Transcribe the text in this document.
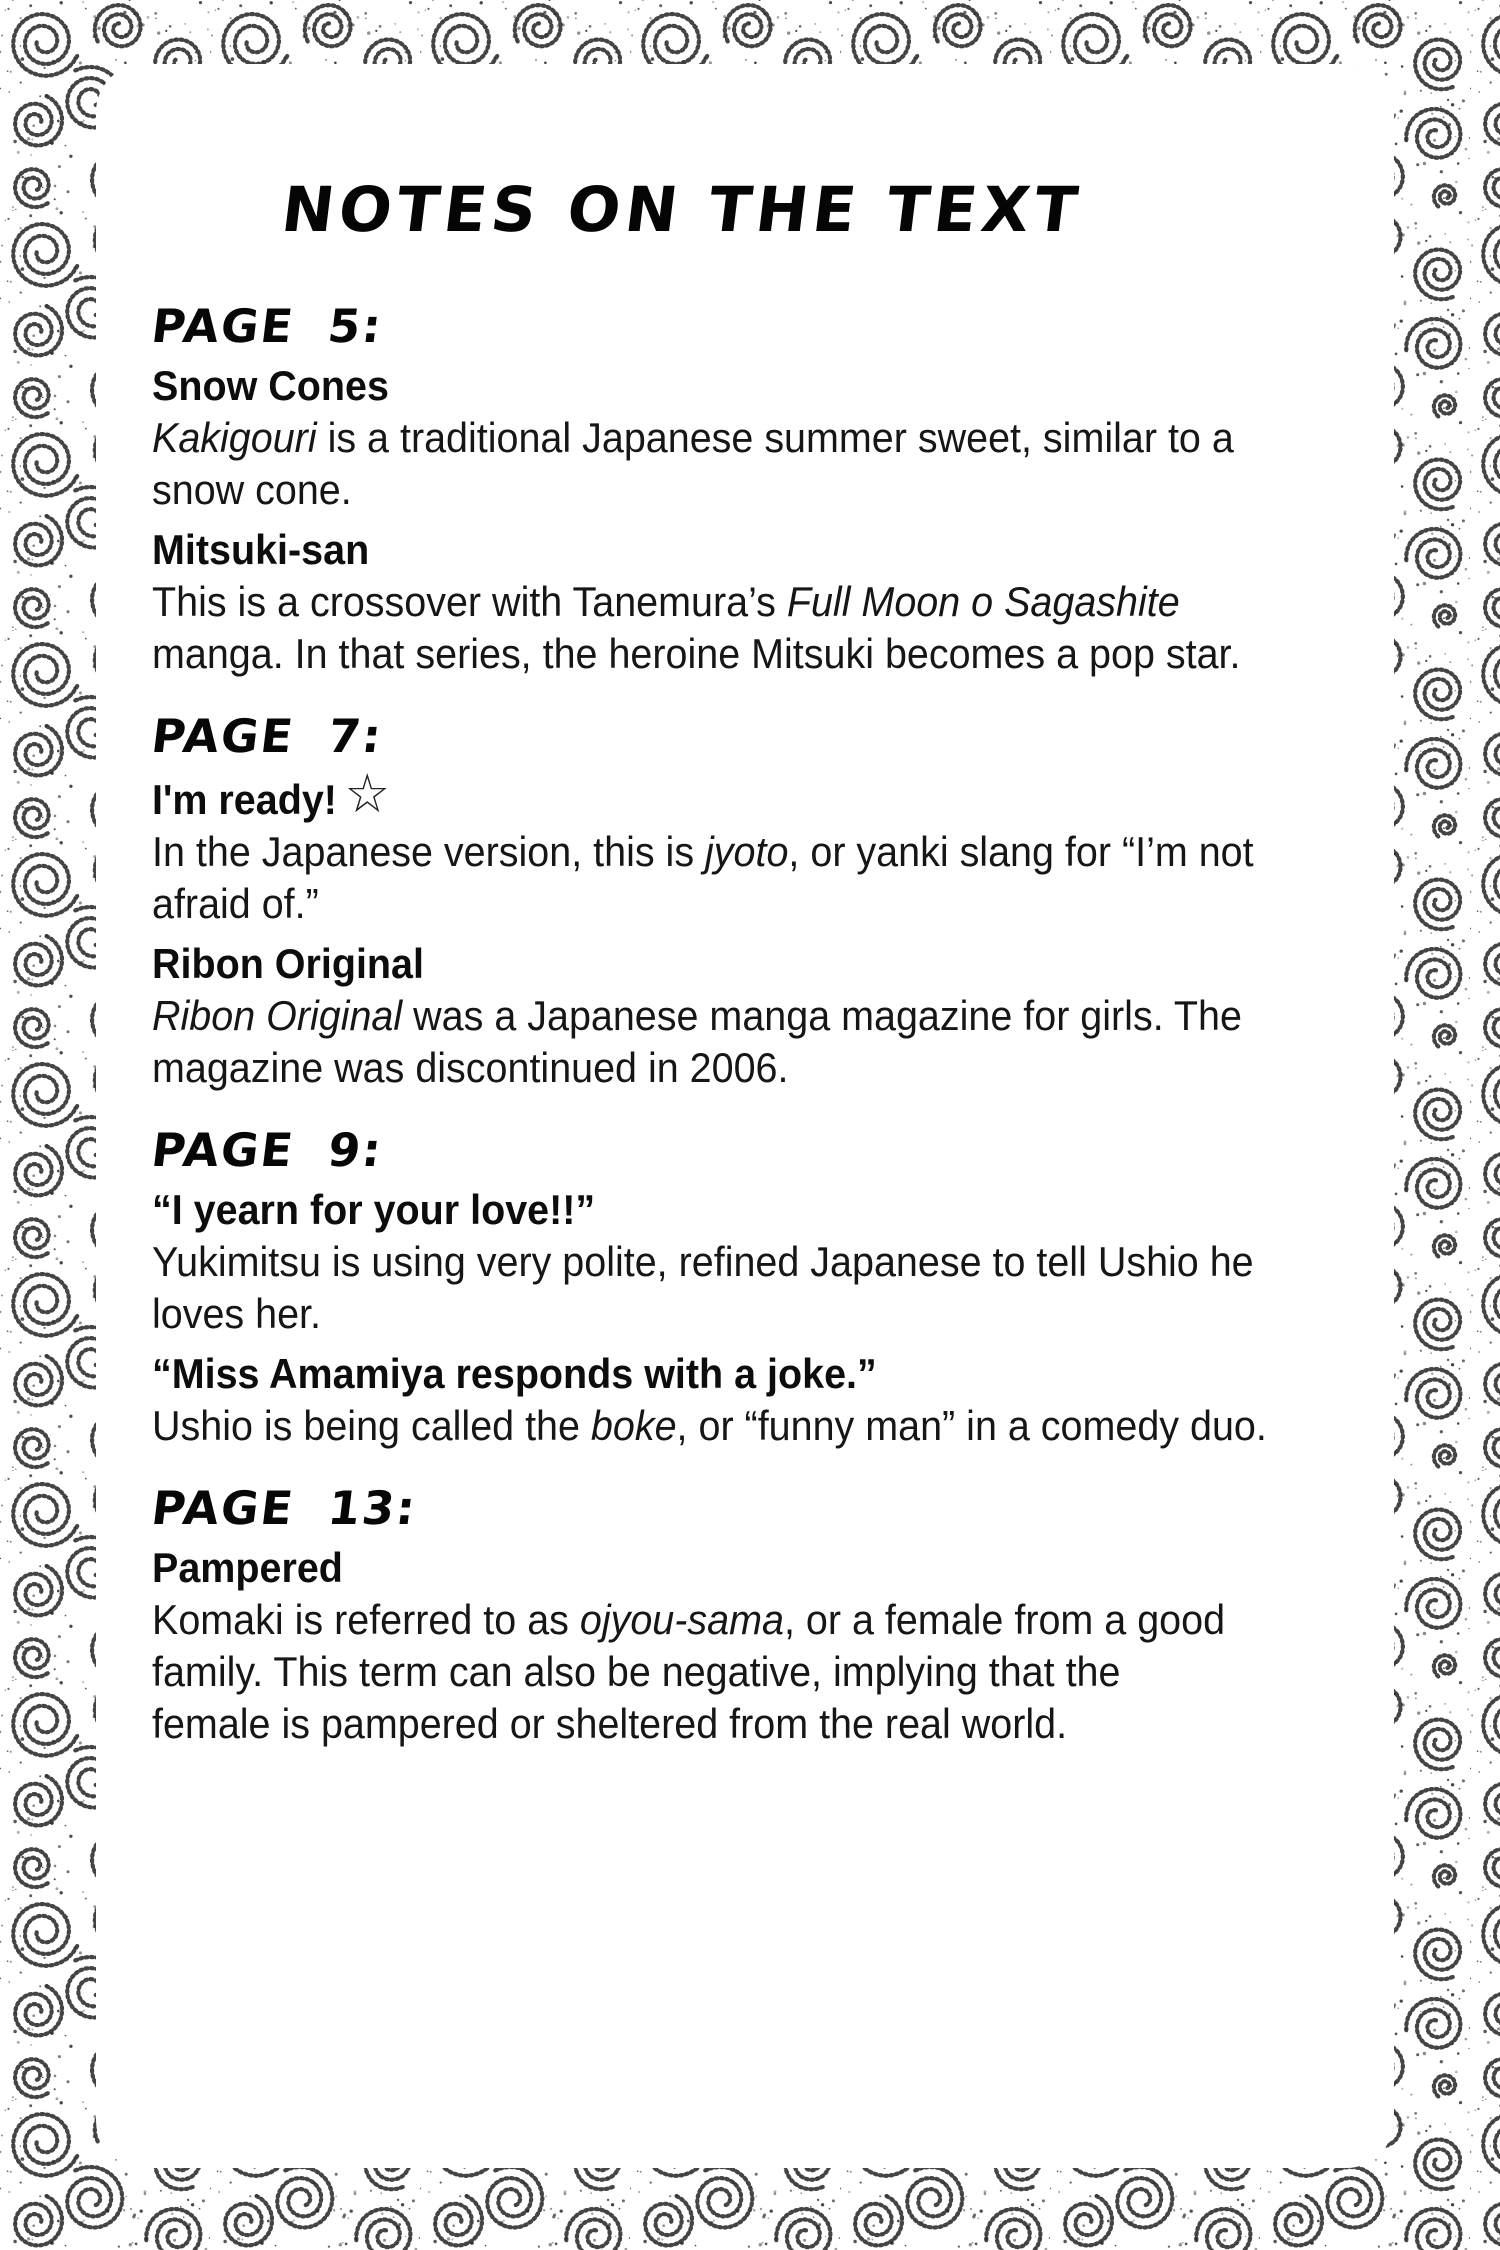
NOTES ON THE TEXT
PAGE 5:
Snow Cones
Kakigouri is a traditional Japanese summer sweet, similar to a
snow cone.
Mitsuki-san
This is a crossover with Tanemura’s Full Moon o Sagashite
manga. In that series, the heroine Mitsuki becomes a pop star.
PAGE 7:
I'm ready! ☆
In the Japanese version, this is jyoto, or yanki slang for “I’m not
afraid of.”
Ribon Original
Ribon Original was a Japanese manga magazine for girls. The
magazine was discontinued in 2006.
PAGE 9:
“I yearn for your love!!”
Yukimitsu is using very polite, refined Japanese to tell Ushio he
loves her.
“Miss Amamiya responds with a joke.”
Ushio is being called the boke, or “funny man” in a comedy duo.
PAGE 13:
Pampered
Komaki is referred to as ojyou-sama, or a female from a good
family. This term can also be negative, implying that the
female is pampered or sheltered from the real world.
